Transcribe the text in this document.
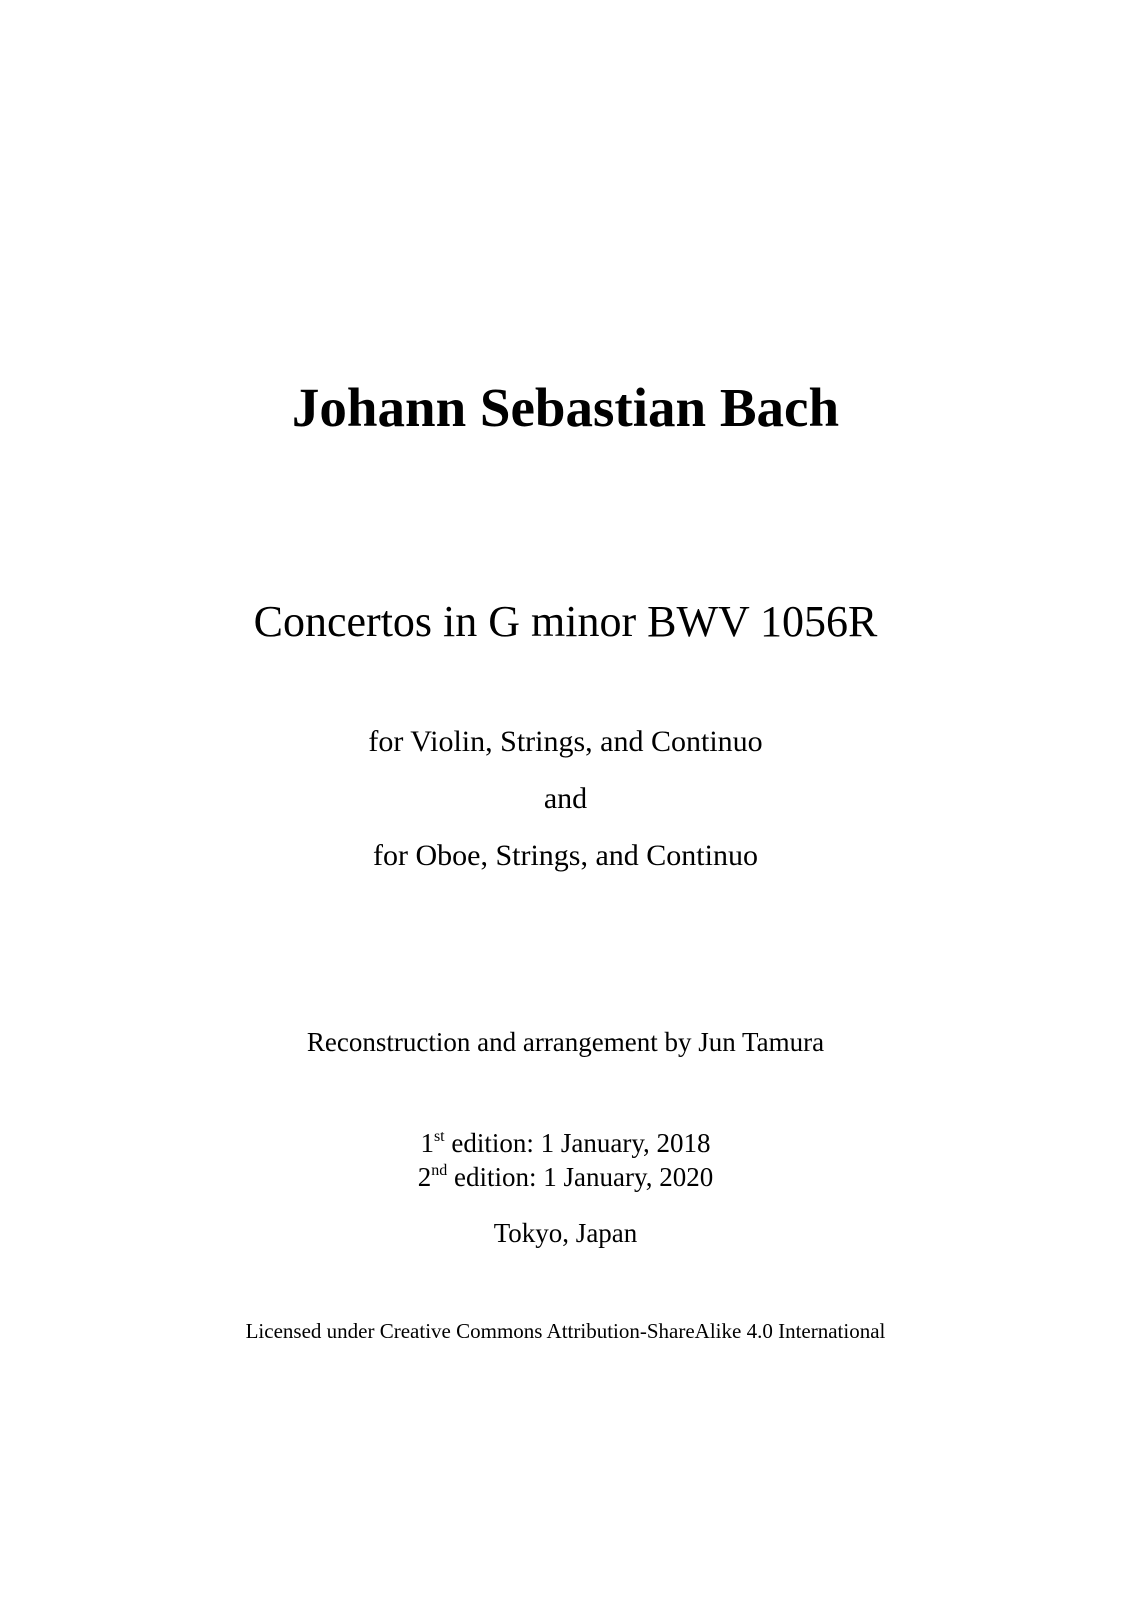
Johann Sebastian Bach
Concertos in G minor BWV 1056R
for Violin, Strings, and Continuo
and
for Oboe, Strings, and Continuo
Reconstruction and arrangement by Jun Tamura
1st edition: 1 January, 2018
2nd edition: 1 January, 2020
Tokyo, Japan
Licensed under Creative Commons Attribution-ShareAlike 4.0 International
